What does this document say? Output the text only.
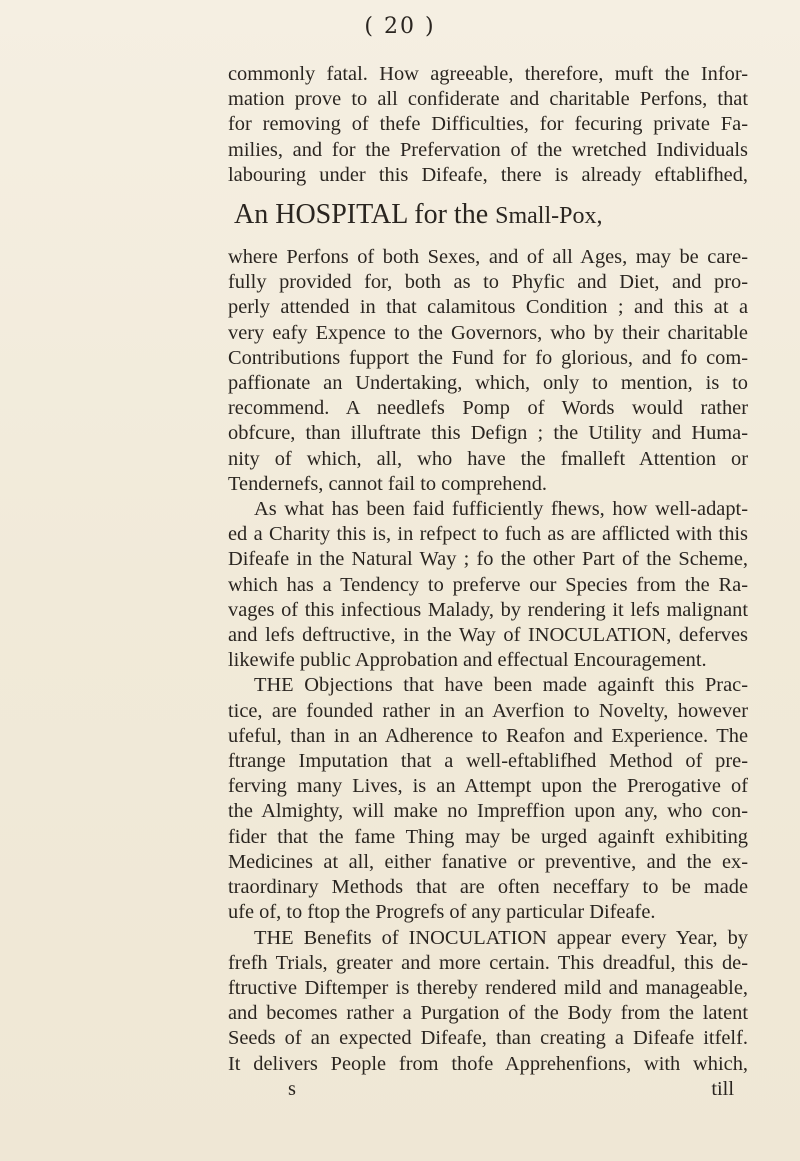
( 20 )
commonly fatal. How agreeable, therefore, muft the Infor-
mation prove to all confiderate and charitable Perfons, that
for removing of thefe Difficulties, for fecuring private Fa-
milies, and for the Prefervation of the wretched Individuals
labouring under this Difeafe, there is already eftablifhed,
An HOSPITAL for the Small-Pox,
where Perfons of both Sexes, and of all Ages, may be care-
fully provided for, both as to Phyfic and Diet, and pro-
perly attended in that calamitous Condition ; and this at a
very eafy Expence to the Governors, who by their charitable
Contributions fupport the Fund for fo glorious, and fo com-
paffionate an Undertaking, which, only to mention, is to
recommend. A needlefs Pomp of Words would rather
obfcure, than illuftrate this Defign ; the Utility and Huma-
nity of which, all, who have the fmalleft Attention or
Tendernefs, cannot fail to comprehend.
As what has been faid fufficiently fhews, how well-adapt-
ed a Charity this is, in refpect to fuch as are afflicted with this
Difeafe in the Natural Way ; fo the other Part of the Scheme,
which has a Tendency to preferve our Species from the Ra-
vages of this infectious Malady, by rendering it lefs malignant
and lefs deftructive, in the Way of INOCULATION, deferves
likewife public Approbation and effectual Encouragement.
THE Objections that have been made againft this Prac-
tice, are founded rather in an Averfion to Novelty, however
ufeful, than in an Adherence to Reafon and Experience. The
ftrange Imputation that a well-eftablifhed Method of pre-
ferving many Lives, is an Attempt upon the Prerogative of
the Almighty, will make no Impreffion upon any, who con-
fider that the fame Thing may be urged againft exhibiting
Medicines at all, either fanative or preventive, and the ex-
traordinary Methods that are often neceffary to be made
ufe of, to ftop the Progrefs of any particular Difeafe.
THE Benefits of INOCULATION appear every Year, by
frefh Trials, greater and more certain. This dreadful, this de-
ftructive Diftemper is thereby rendered mild and manageable,
and becomes rather a Purgation of the Body from the latent
Seeds of an expected Difeafe, than creating a Difeafe itfelf.
It delivers People from thofe Apprehenfions, with which,
s	till
